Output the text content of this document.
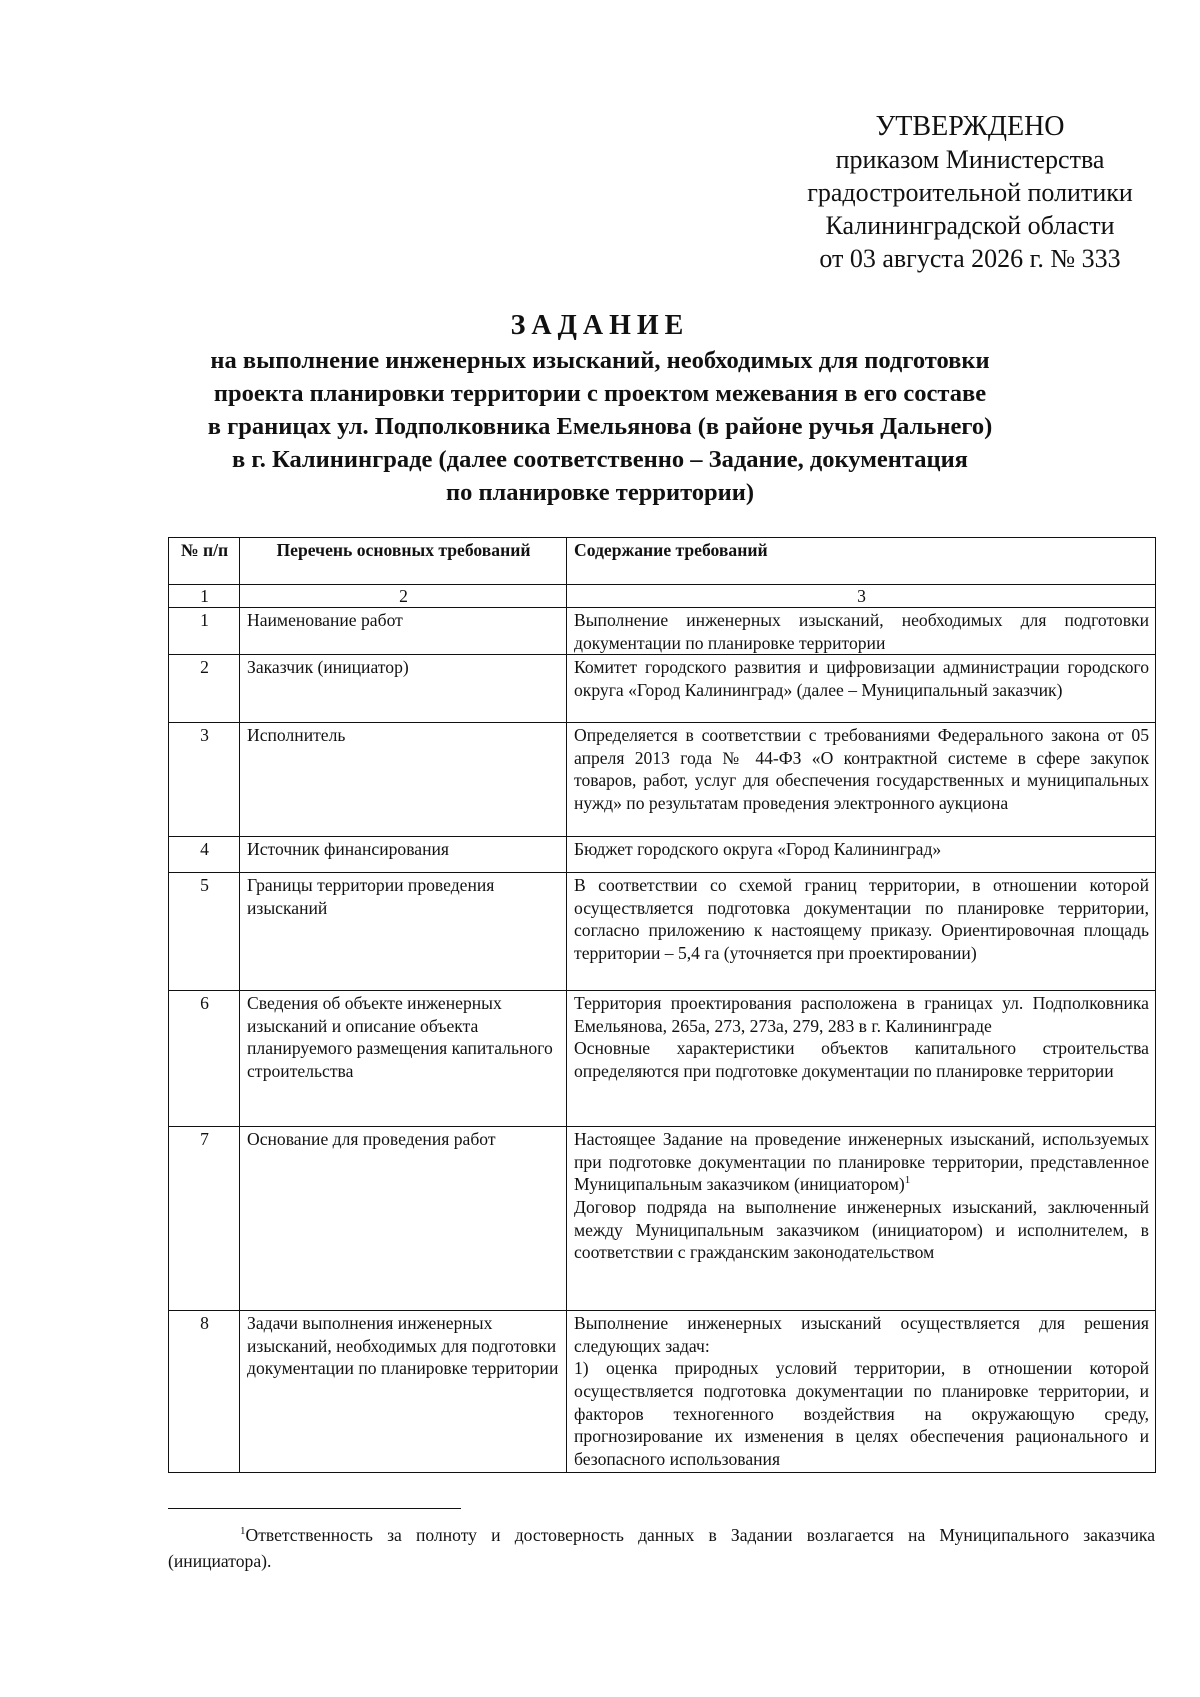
УТВЕРЖДЕНО
приказом Министерства
градостроительной политики
Калининградской области
от 03 августа 2026 г. № 333
ЗАДАНИЕ
на выполнение инженерных изысканий, необходимых для подготовки
проекта планировки территории с проектом межевания в его составе
в границах ул. Подполковника Емельянова (в районе ручья Дальнего)
в г. Калининграде (далее соответственно – Задание, документация
по планировке территории)
№ п/п	Перечень основных требований	Содержание требований
1	2	3
1	Наименование работ	Выполнение инженерных изысканий, необходимых для подготовки документации по планировке территории
2	Заказчик (инициатор)	Комитет городского развития и цифровизации администрации городского округа «Город Калининград» (далее – Муниципальный заказчик)
3	Исполнитель	Определяется в соответствии с требованиями Федерального закона от 05 апреля 2013 года № 44-ФЗ «О контрактной системе в сфере закупок товаров, работ, услуг для обеспечения государственных и муниципальных нужд» по результатам проведения электронного аукциона
4	Источник финансирования	Бюджет городского округа «Город Калининград»
5	Границы территории проведения изысканий	В соответствии со схемой границ территории, в отношении которой осуществляется подготовка документации по планировке территории, согласно приложению к настоящему приказу. Ориентировочная площадь территории – 5,4 га (уточняется при проектировании)
6	Сведения об объекте инженерных изысканий и описание объекта планируемого размещения капитального строительства	Территория проектирования расположена в границах ул. Подполковника Емельянова, 265а, 273, 273а, 279, 283 в г. Калининграде
Основные характеристики объектов капитального строительства определяются при подготовке документации по планировке территории

7	Основание для проведения работ	Настоящее Задание на проведение инженерных изысканий, используемых при подготовке документации по планировке территории, представленное Муниципальным заказчиком (инициатором)$^1$
Договор подряда на выполнение инженерных изысканий, заключенный между Муниципальным заказчиком (инициатором) и исполнителем, в соответствии с гражданским законодательством

8	Задачи выполнения инженерных изысканий, необходимых для подготовки документации по планировке территории	Выполнение инженерных изысканий осуществляется для решения следующих задач:
1) оценка природных условий территории, в отношении которой осуществляется подготовка документации по планировке территории, и факторов техногенного воздействия на окружающую среду, прогнозирование их изменения в целях обеспечения рационального и безопасного использования
$^1$Ответственность за полноту и достоверность данных в Задании возлагается на Муниципального заказчика (инициатора).
